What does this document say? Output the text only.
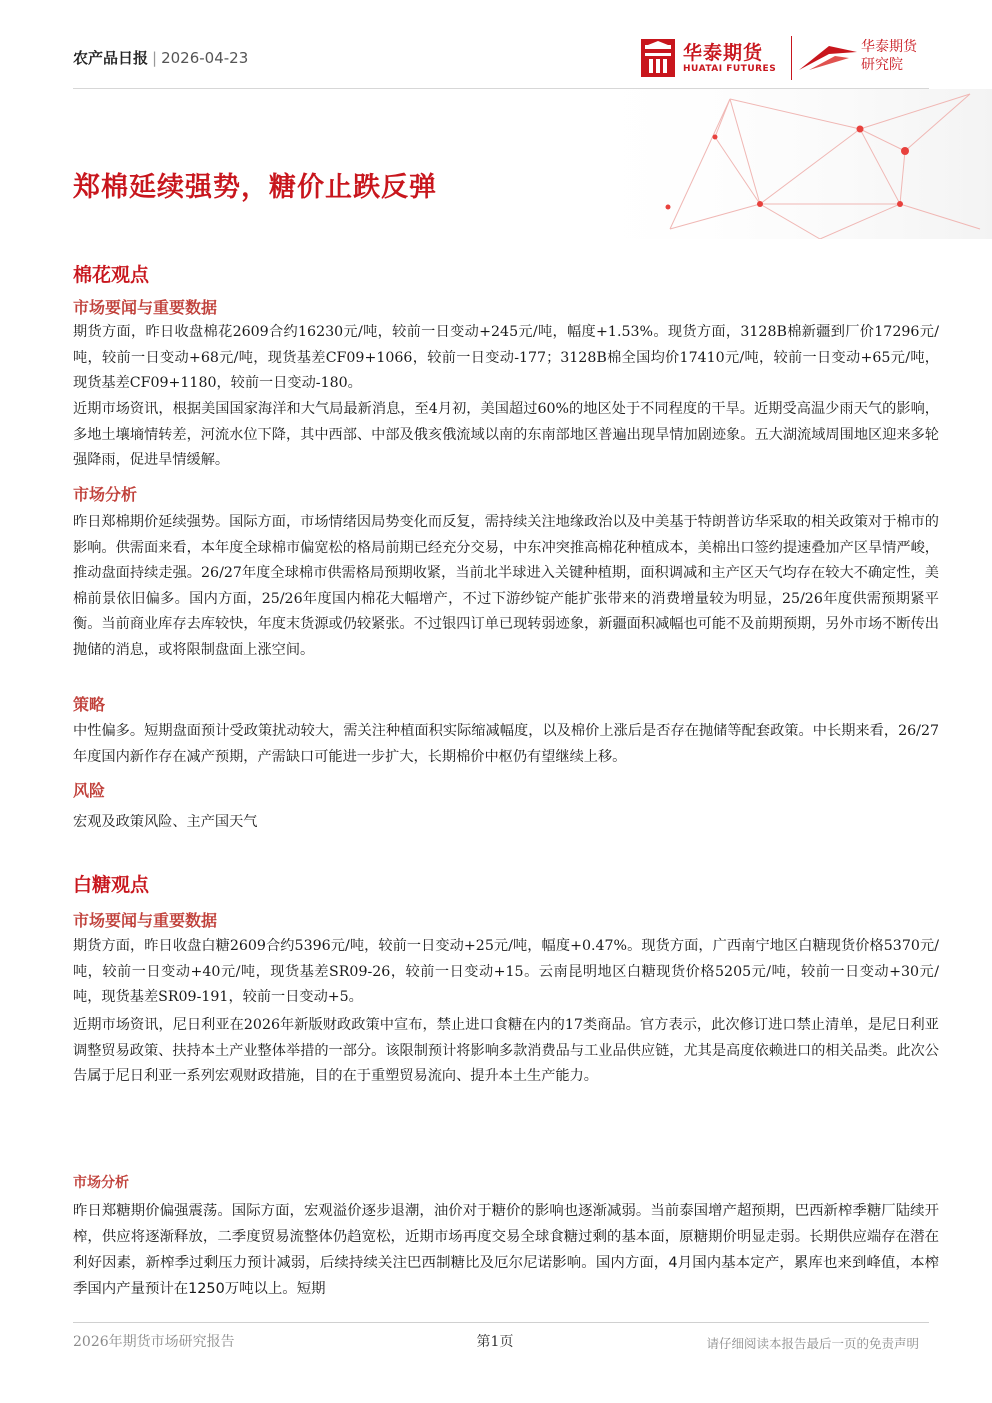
农产品日报 | 2026-04-23	华泰期货
HUATAI FUTURES
华泰期货
研究院
郑棉延续强势，糖价止跌反弹
棉花观点
市场要闻与重要数据
期货方面，昨日收盘棉花2609合约16230元/吨，较前一日变动+245元/吨，幅度+1.53%。现货方面，3128B棉新疆到厂价17296元/吨，较前一日变动+68元/吨，现货基差CF09+1066，较前一日变动-177；3128B棉全国均价17410元/吨，较前一日变动+65元/吨，现货基差CF09+1180，较前一日变动-180。
近期市场资讯，根据美国国家海洋和大气局最新消息，至4月初，美国超过60%的地区处于不同程度的干旱。近期受高温少雨天气的影响，多地土壤墒情转差，河流水位下降，其中西部、中部及俄亥俄流域以南的东南部地区普遍出现旱情加剧迹象。五大湖流域周围地区迎来多轮强降雨，促进旱情缓解。
市场分析
昨日郑棉期价延续强势。国际方面，市场情绪因局势变化而反复，需持续关注地缘政治以及中美基于特朗普访华采取的相关政策对于棉市的影响。供需面来看，本年度全球棉市偏宽松的格局前期已经充分交易，中东冲突推高棉花种植成本，美棉出口签约提速叠加产区旱情严峻，推动盘面持续走强。26/27年度全球棉市供需格局预期收紧，当前北半球进入关键种植期，面积调减和主产区天气均存在较大不确定性，美棉前景依旧偏多。国内方面，25/26年度国内棉花大幅增产，不过下游纱锭产能扩张带来的消费增量较为明显，25/26年度供需预期紧平衡。当前商业库存去库较快，年度末货源或仍较紧张。不过银四订单已现转弱迹象，新疆面积减幅也可能不及前期预期，另外市场不断传出抛储的消息，或将限制盘面上涨空间。
策略
中性偏多。短期盘面预计受政策扰动较大，需关注种植面积实际缩减幅度，以及棉价上涨后是否存在抛储等配套政策。中长期来看，26/27年度国内新作存在减产预期，产需缺口可能进一步扩大，长期棉价中枢仍有望继续上移。
风险
宏观及政策风险、主产国天气
白糖观点
市场要闻与重要数据
期货方面，昨日收盘白糖2609合约5396元/吨，较前一日变动+25元/吨，幅度+0.47%。现货方面，广西南宁地区白糖现货价格5370元/吨，较前一日变动+40元/吨，现货基差SR09-26，较前一日变动+15。云南昆明地区白糖现货价格5205元/吨，较前一日变动+30元/吨，现货基差SR09-191，较前一日变动+5。
近期市场资讯，尼日利亚在2026年新版财政政策中宣布，禁止进口食糖在内的17类商品。官方表示，此次修订进口禁止清单，是尼日利亚调整贸易政策、扶持本土产业整体举措的一部分。该限制预计将影响多款消费品与工业品供应链，尤其是高度依赖进口的相关品类。此次公告属于尼日利亚一系列宏观财政措施，目的在于重塑贸易流向、提升本土生产能力。
市场分析
昨日郑糖期价偏强震荡。国际方面，宏观溢价逐步退潮，油价对于糖价的影响也逐渐减弱。当前泰国增产超预期，巴西新榨季糖厂陆续开榨，供应将逐渐释放，二季度贸易流整体仍趋宽松，近期市场再度交易全球食糖过剩的基本面，原糖期价明显走弱。长期供应端存在潜在利好因素，新榨季过剩压力预计减弱，后续持续关注巴西制糖比及厄尔尼诺影响。国内方面，4月国内基本定产，累库也来到峰值，本榨季国内产量预计在1250万吨以上。短期
2026年期货市场研究报告	第1页	请仔细阅读本报告最后一页的免责声明
